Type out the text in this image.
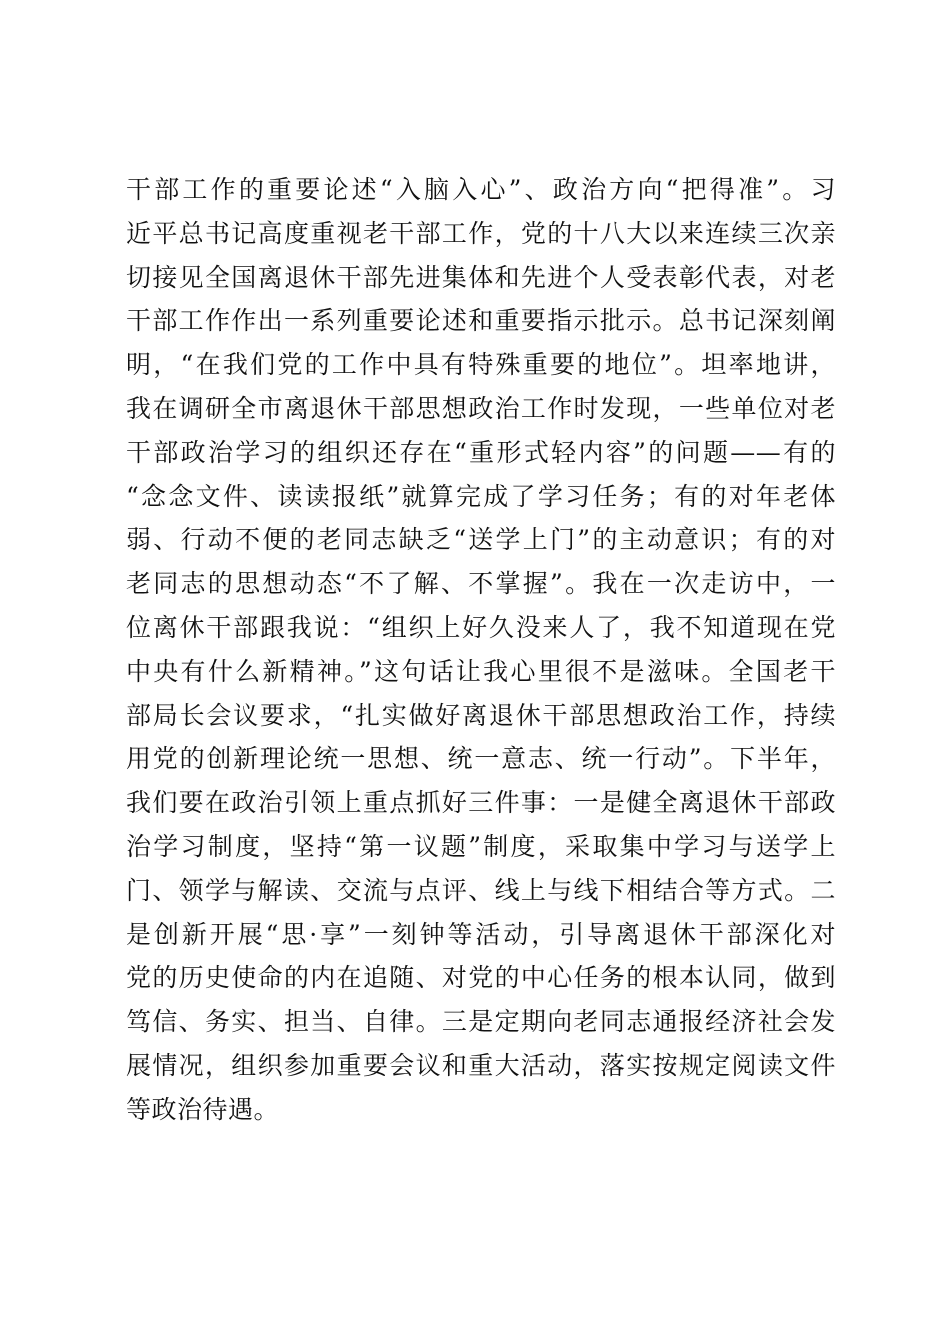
干部工作的重要论述“入脑入心”、政治方向“把得准”。习
近平总书记高度重视老干部工作，党的十八大以来连续三次亲
切接见全国离退休干部先进集体和先进个人受表彰代表，对老
干部工作作出一系列重要论述和重要指示批示。总书记深刻阐
明，“在我们党的工作中具有特殊重要的地位”。坦率地讲，
我在调研全市离退休干部思想政治工作时发现，一些单位对老
干部政治学习的组织还存在“重形式轻内容”的问题——有的
“念念文件、读读报纸”就算完成了学习任务；有的对年老体
弱、行动不便的老同志缺乏“送学上门”的主动意识；有的对
老同志的思想动态“不了解、不掌握”。我在一次走访中，一
位离休干部跟我说：“组织上好久没来人了，我不知道现在党
中央有什么新精神。”这句话让我心里很不是滋味。全国老干
部局长会议要求，“扎实做好离退休干部思想政治工作，持续
用党的创新理论统一思想、统一意志、统一行动”。下半年，
我们要在政治引领上重点抓好三件事：一是健全离退休干部政
治学习制度，坚持“第一议题”制度，采取集中学习与送学上
门、领学与解读、交流与点评、线上与线下相结合等方式。二
是创新开展“思·享”一刻钟等活动，引导离退休干部深化对
党的历史使命的内在追随、对党的中心任务的根本认同，做到
笃信、务实、担当、自律。三是定期向老同志通报经济社会发
展情况，组织参加重要会议和重大活动，落实按规定阅读文件
等政治待遇。
